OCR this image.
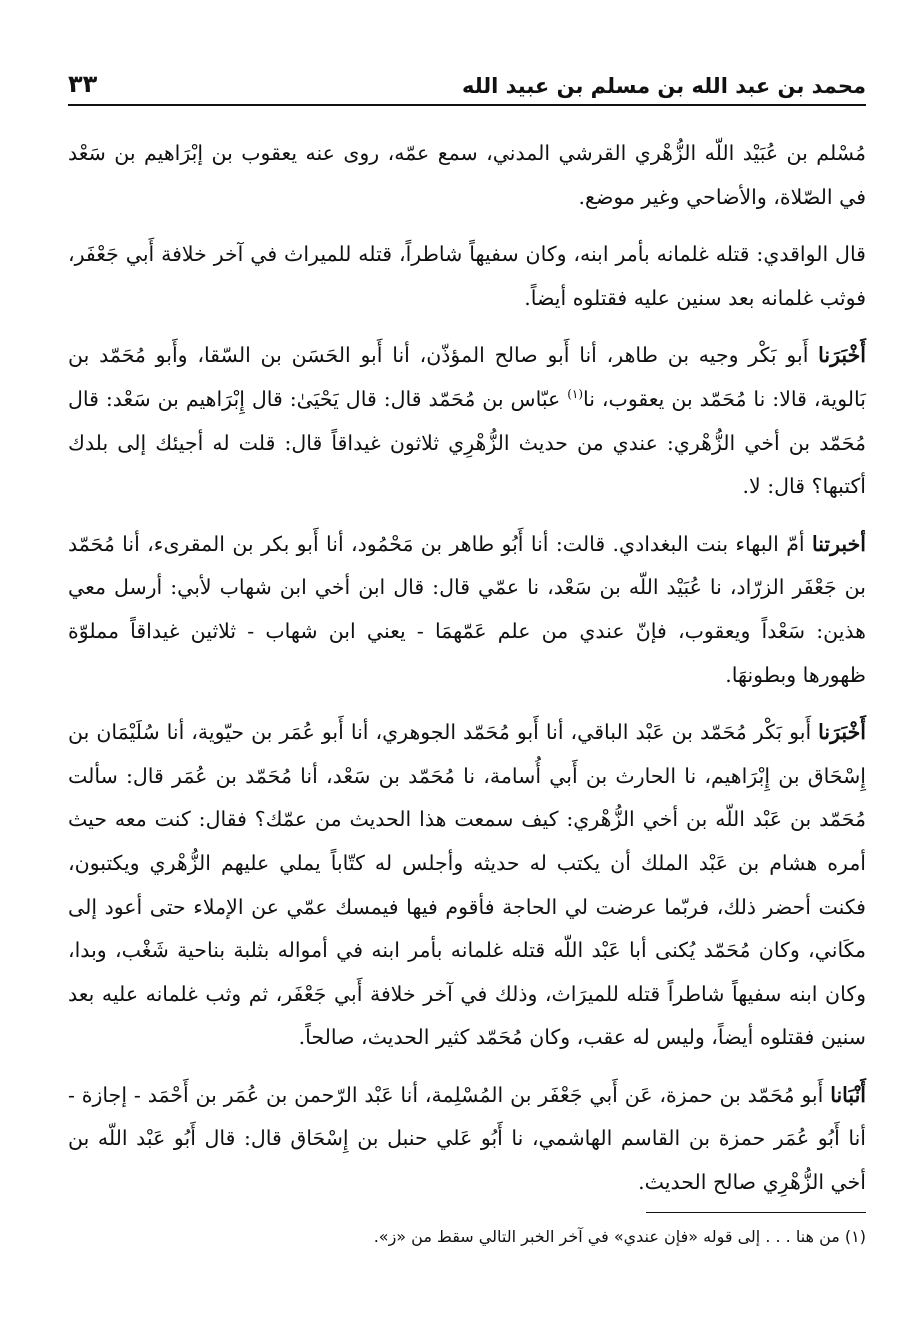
محمد بن عبد الله بن مسلم بن عبيد الله
٣٣

مُسْلم بن عُبَيْد اللّه الزُّهْري القرشي المدني، سمع عمّه، روى عنه يعقوب بن إبْرَاهيم بن سَعْد في الصّلاة، والأضاحي وغير موضع.

قال الواقدي: قتله غلمانه بأمر ابنه، وكان سفيهاً شاطراً، قتله للميراث في آخر خلافة أَبي جَعْفَر، فوثب غلمانه بعد سنين عليه فقتلوه أيضاً.

أَخْبَرَنا أَبو بَكْر وجيه بن طاهر، أنا أَبو صالح المؤذّن، أنا أَبو الحَسَن بن السّقا، وأَبو مُحَمّد بن بَالوية، قالا: نا مُحَمّد بن يعقوب، نا$^{(١)}$ عبّاس بن مُحَمّد قال: قال يَحْيَىٰ: قال إِبْرَاهيم بن سَعْد: قال مُحَمّد بن أخي الزُّهْري: عندي من حديث الزُّهْرِي ثلاثون غيداقاً قال: قلت له أجيئك إلى بلدك أكتبها؟ قال: لا.

أخبرتنا أمّ البهاء بنت البغدادي. قالت: أنا أَبُو طاهر بن مَحْمُود، أنا أَبو بكر بن المقرىء، أنا مُحَمّد بن جَعْفَر الزرّاد، نا عُبَيْد اللّه بن سَعْد، نا عمّي قال: قال ابن أخي ابن شهاب لأبي: أرسل معي هذين: سَعْداً ويعقوب، فإنّ عندي من علم عَمّهمَا - يعني ابن شهاب - ثلاثين غيداقاً مملوّة ظهورها وبطونهَا.

أَخْبَرَنا أَبو بَكْر مُحَمّد بن عَبْد الباقي، أنا أَبو مُحَمّد الجوهري، أنا أَبو عُمَر بن حيّوية، أنا سُلَيْمَان بن إِسْحَاق بن إِبْرَاهيم، نا الحارث بن أَبي أُسامة، نا مُحَمّد بن سَعْد، أنا مُحَمّد بن عُمَر قال: سألت مُحَمّد بن عَبْد اللّه بن أخي الزُّهْري: كيف سمعت هذا الحديث من عمّك؟ فقال: كنت معه حيث أمره هشام بن عَبْد الملك أن يكتب له حديثه وأجلس له كتّاباً يملي عليهم الزُّهْري ويكتبون، فكنت أحضر ذلك، فربّما عرضت لي الحاجة فأقوم فيها فيمسك عمّي عن الإملاء حتى أعود إلى مكَاني، وكان مُحَمّد يُكنى أبا عَبْد اللّه قتله غلمانه بأمر ابنه في أمواله بثلبة بناحية شَغْب، وبدا، وكان ابنه سفيهاً شاطراً قتله للميرَاث، وذلك في آخر خلافة أَبي جَعْفَر، ثم وثب غلمانه عليه بعد سنين فقتلوه أيضاً، وليس له عقب، وكان مُحَمّد كثير الحديث، صالحاً.

أَنْبَانا أَبو مُحَمّد بن حمزة، عَن أَبي جَعْفَر بن المُسْلِمة، أنا عَبْد الرّحمن بن عُمَر بن أَحْمَد - إجازة - أنا أَبُو عُمَر حمزة بن القاسم الهاشمي، نا أَبُو عَلي حنبل بن إِسْحَاق قال: قال أَبُو عَبْد اللّه بن أخي الزُّهْرِي صالح الحديث.

(١) من هنا . . . إلى قوله «فإن عندي» في آخر الخبر التالي سقط من «ز».
